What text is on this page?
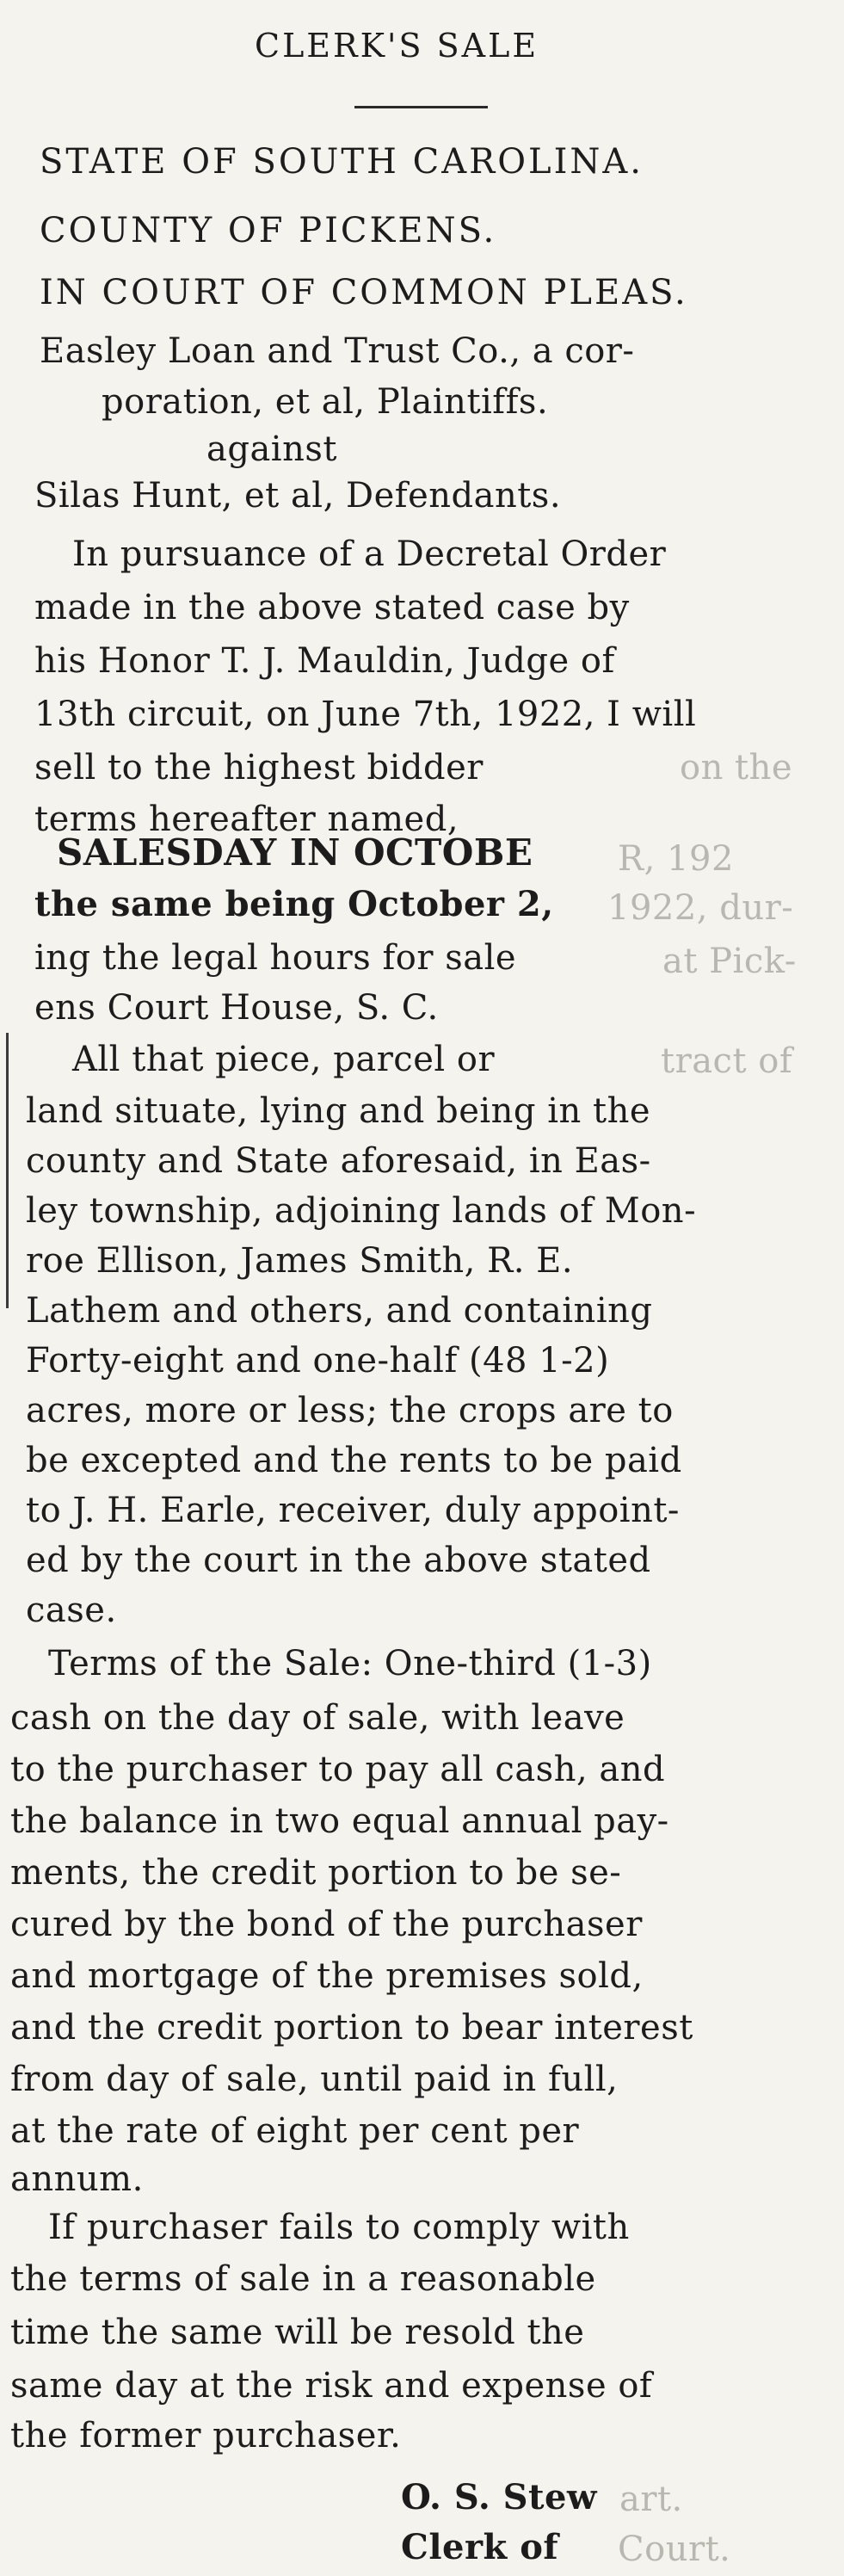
CLERK'S SALE
STATE OF SOUTH CAROLINA.
COUNTY OF PICKENS.
IN COURT OF COMMON PLEAS.
Easley Loan and Trust Co., a cor-
poration, et al, Plaintiffs.
against
Silas Hunt, et al, Defendants.
In pursuance of a Decretal Order
made in the above stated case by
his Honor T. J. Mauldin, Judge of
13th circuit, on June 7th, 1922, I will
sell to the highest bidder	on the
terms hereafter named,
SALESDAY IN OCTOBE R, 192
the same being October 2, 1922, dur-
ing the legal hours for sale	at Pick-
ens Court House, S. C.
All that piece, parcel or	tract of
land situate, lying and being in the
county and State aforesaid, in Eas-
ley township, adjoining lands of Mon-
roe Ellison, James Smith, R. E.
Lathem and others, and containing
Forty-eight and one-half (48 1-2)
acres, more or less; the crops are to
be excepted and the rents to be paid
to J. H. Earle, receiver, duly appoint-
ed by the court in the above stated
case.
Terms of the Sale: One-third (1-3)
cash on the day of sale, with leave
to the purchaser to pay all cash, and
the balance in two equal annual pay-
ments, the credit portion to be se-
cured by the bond of the purchaser
and mortgage of the premises sold,
and the credit portion to bear interest
from day of sale, until paid in full,
at the rate of eight per cent per
annum.
If purchaser fails to comply with
the terms of sale in a reasonable
time the same will be resold the
same day at the risk and expense of
the former purchaser.
O. S. Stew art.
Clerk of Court.
